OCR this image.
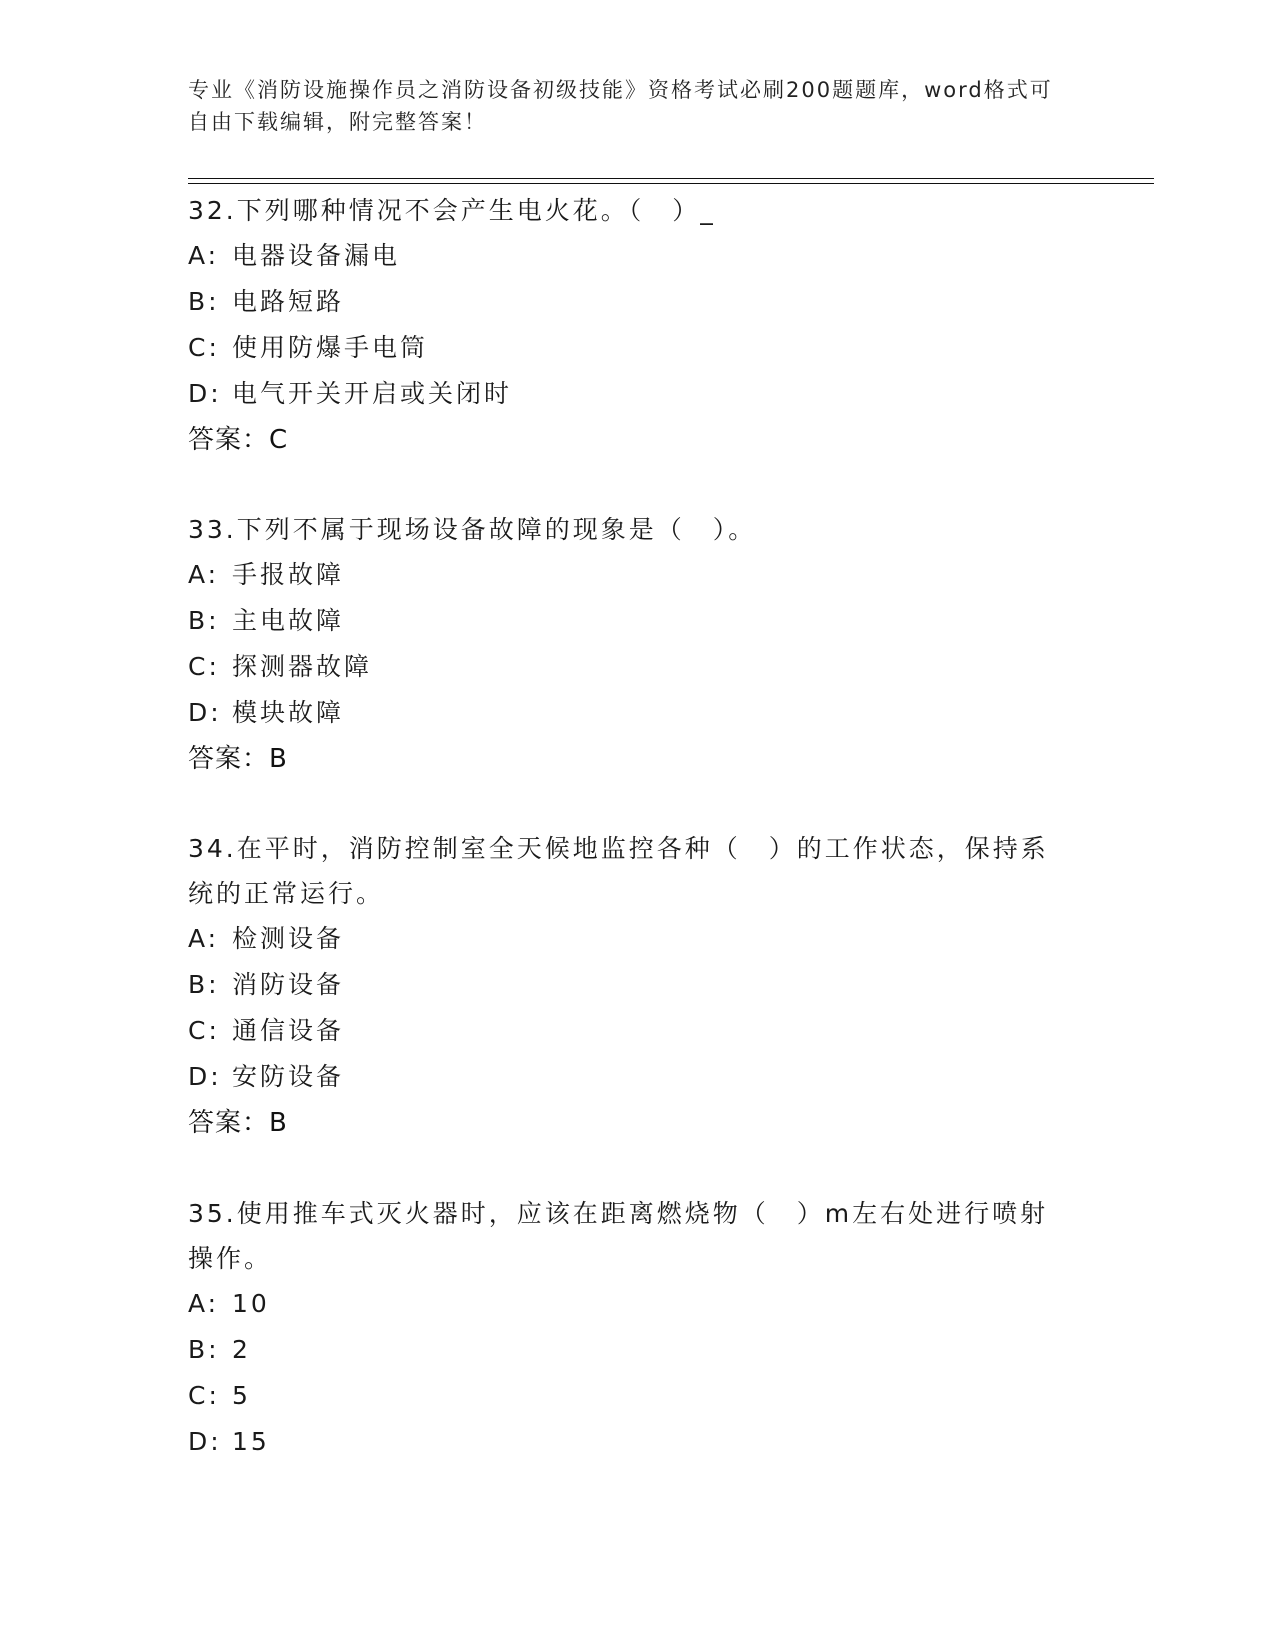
专业《消防设施操作员之消防设备初级技能》资格考试必刷200题题库，word格式可自由下载编辑，附完整答案！
32.下列哪种情况不会产生电火花。（　）_
A: 电器设备漏电
B: 电路短路
C: 使用防爆手电筒
D: 电气开关开启或关闭时
答案：C
33.下列不属于现场设备故障的现象是（　）。
A: 手报故障
B: 主电故障
C: 探测器故障
D: 模块故障
答案：B
34.在平时，消防控制室全天候地监控各种（　）的工作状态，保持系统的正常运行。
A: 检测设备
B: 消防设备
C: 通信设备
D: 安防设备
答案：B
35.使用推车式灭火器时，应该在距离燃烧物（　）m左右处进行喷射操作。
A: 10
B: 2
C: 5
D: 15
